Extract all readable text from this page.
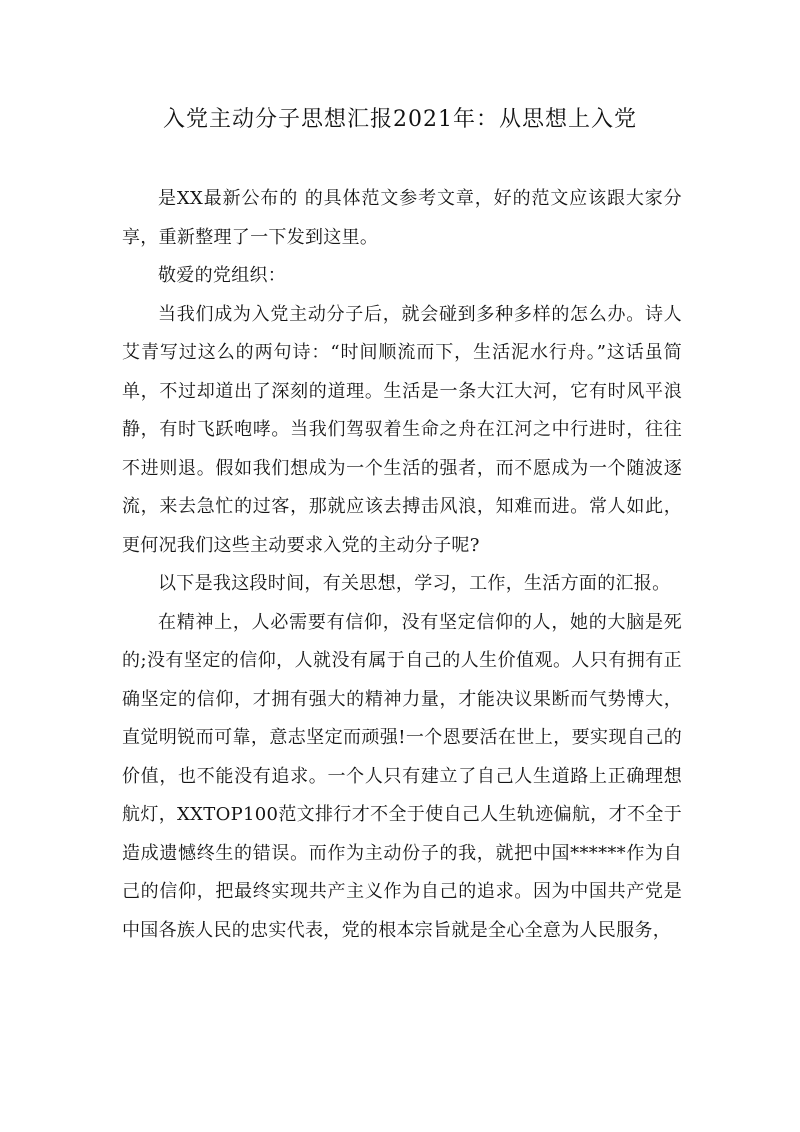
入党主动分子思想汇报2021年：从思想上入党

是XX最新公布的 的具体范文参考文章，好的范文应该跟大家分享，重新整理了一下发到这里。

敬爱的党组织：

当我们成为入党主动分子后，就会碰到多种多样的怎么办。诗人艾青写过这么的两句诗：“时间顺流而下，生活泥水行舟。”这话虽简单，不过却道出了深刻的道理。生活是一条大江大河，它有时风平浪静，有时飞跃咆哮。当我们驾驭着生命之舟在江河之中行进时，往往不进则退。假如我们想成为一个生活的强者，而不愿成为一个随波逐流，来去急忙的过客，那就应该去搏击风浪，知难而进。常人如此，更何况我们这些主动要求入党的主动分子呢?

以下是我这段时间，有关思想，学习，工作，生活方面的汇报。

在精神上，人必需要有信仰，没有坚定信仰的人，她的大脑是死的;没有坚定的信仰，人就没有属于自己的人生价值观。人只有拥有正确坚定的信仰，才拥有强大的精神力量，才能决议果断而气势博大，直觉明锐而可靠，意志坚定而顽强!一个恩要活在世上，要实现自己的价值，也不能没有追求。一个人只有建立了自己人生道路上正确理想航灯，XXTOP100范文排行才不全于使自己人生轨迹偏航，才不全于造成遗憾终生的错误。而作为主动份子的我，就把中国******作为自己的信仰，把最终实现共产主义作为自己的追求。因为中国共产党是中国各族人民的忠实代表，党的根本宗旨就是全心全意为人民服务，
